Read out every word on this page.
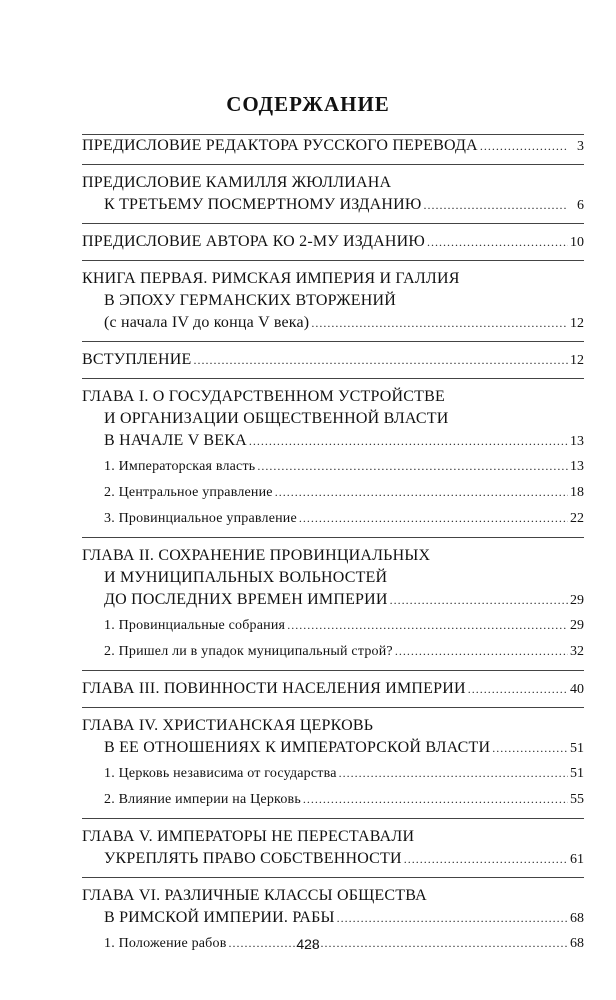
СОДЕРЖАНИЕ
ПРЕДИСЛОВИЕ РЕДАКТОРА РУССКОГО ПЕРЕВОДА .....	3
ПРЕДИСЛОВИЕ КАМИЛЛЯ ЖЮЛЛИАНА
К ТРЕТЬЕМУ ПОСМЕРТНОМУ ИЗДАНИЮ .....	6
ПРЕДИСЛОВИЕ АВТОРА КО 2-МУ ИЗДАНИЮ .....	10
КНИГА ПЕРВАЯ. РИМСКАЯ ИМПЕРИЯ И ГАЛЛИЯ
В ЭПОХУ ГЕРМАНСКИХ ВТОРЖЕНИЙ
(с начала IV до конца V века) .....	12
ВСТУПЛЕНИЕ .....	12
ГЛАВА I. О ГОСУДАРСТВЕННОМ УСТРОЙСТВЕ
И ОРГАНИЗАЦИИ ОБЩЕСТВЕННОЙ ВЛАСТИ
В НАЧАЛЕ V ВЕКА .....	13
1. Императорская власть .....	13
2. Центральное управление .....	18
3. Провинциальное управление .....	22
ГЛАВА II. СОХРАНЕНИЕ ПРОВИНЦИАЛЬНЫХ
И МУНИЦИПАЛЬНЫХ ВОЛЬНОСТЕЙ
ДО ПОСЛЕДНИХ ВРЕМЕН ИМПЕРИИ .....	29
1. Провинциальные собрания .....	29
2. Пришел ли в упадок муниципальный строй? .....	32
ГЛАВА III. ПОВИННОСТИ НАСЕЛЕНИЯ ИМПЕРИИ .....	40
ГЛАВА IV. ХРИСТИАНСКАЯ ЦЕРКОВЬ
В ЕЕ ОТНОШЕНИЯХ К ИМПЕРАТОРСКОЙ ВЛАСТИ .....	51
1. Церковь независима от государства .....	51
2. Влияние империи на Церковь .....	55
ГЛАВА V. ИМПЕРАТОРЫ НЕ ПЕРЕСТАВАЛИ
УКРЕПЛЯТЬ ПРАВО СОБСТВЕННОСТИ .....	61
ГЛАВА VI. РАЗЛИЧНЫЕ КЛАССЫ ОБЩЕСТВА
В РИМСКОЙ ИМПЕРИИ. РАБЫ .....	68
1. Положение рабов .....	68
428
